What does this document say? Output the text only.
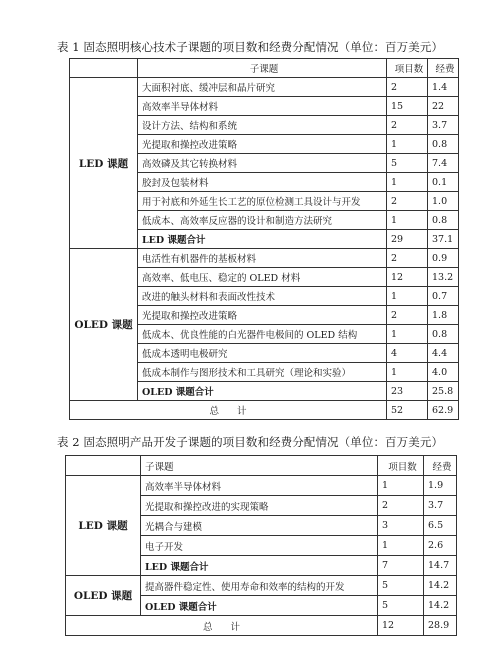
表 1 固态照明核心技术子课题的项目数和经费分配情况（单位：百万美元）
	子课题	项目数	经费
LED 课题	大面积衬底、缓冲层和晶片研究	2	1.4
	高效率半导体材料	15	22
	设计方法、结构和系统	2	3.7
	光提取和操控改进策略	1	0.8
	高效磷及其它转换材料	5	7.4
	胶封及包装材料	1	0.1
	用于衬底和外延生长工艺的原位检测工具设计与开发	2	1.0
	低成本、高效率反应器的设计和制造方法研究	1	0.8
	LED 课题合计	29	37.1
OLED 课题	电活性有机器件的基板材料	2	0.9
	高效率、低电压、稳定的 OLED 材料	12	13.2
	改进的触头材料和表面改性技术	1	0.7
	光提取和操控改进策略	2	1.8
	低成本、优良性能的白光器件电极间的 OLED 结构	1	0.8
	低成本透明电极研究	4	4.4
	低成本制作与图形技术和工具研究（理论和实验）	1	4.0
	OLED 课题合计	23	25.8
总计		52	62.9
表 2 固态照明产品开发子课题的项目数和经费分配情况（单位：百万美元）
	子课题	项目数	经费
LED 课题	高效率半导体材料	1	1.9
	光提取和操控改进的实现策略	2	3.7
	光耦合与建模	3	6.5
	电子开发	1	2.6
	LED 课题合计	7	14.7
OLED 课题	提高器件稳定性、使用寿命和效率的结构的开发	5	14.2
	OLED 课题合计	5	14.2
总计		12	28.9
